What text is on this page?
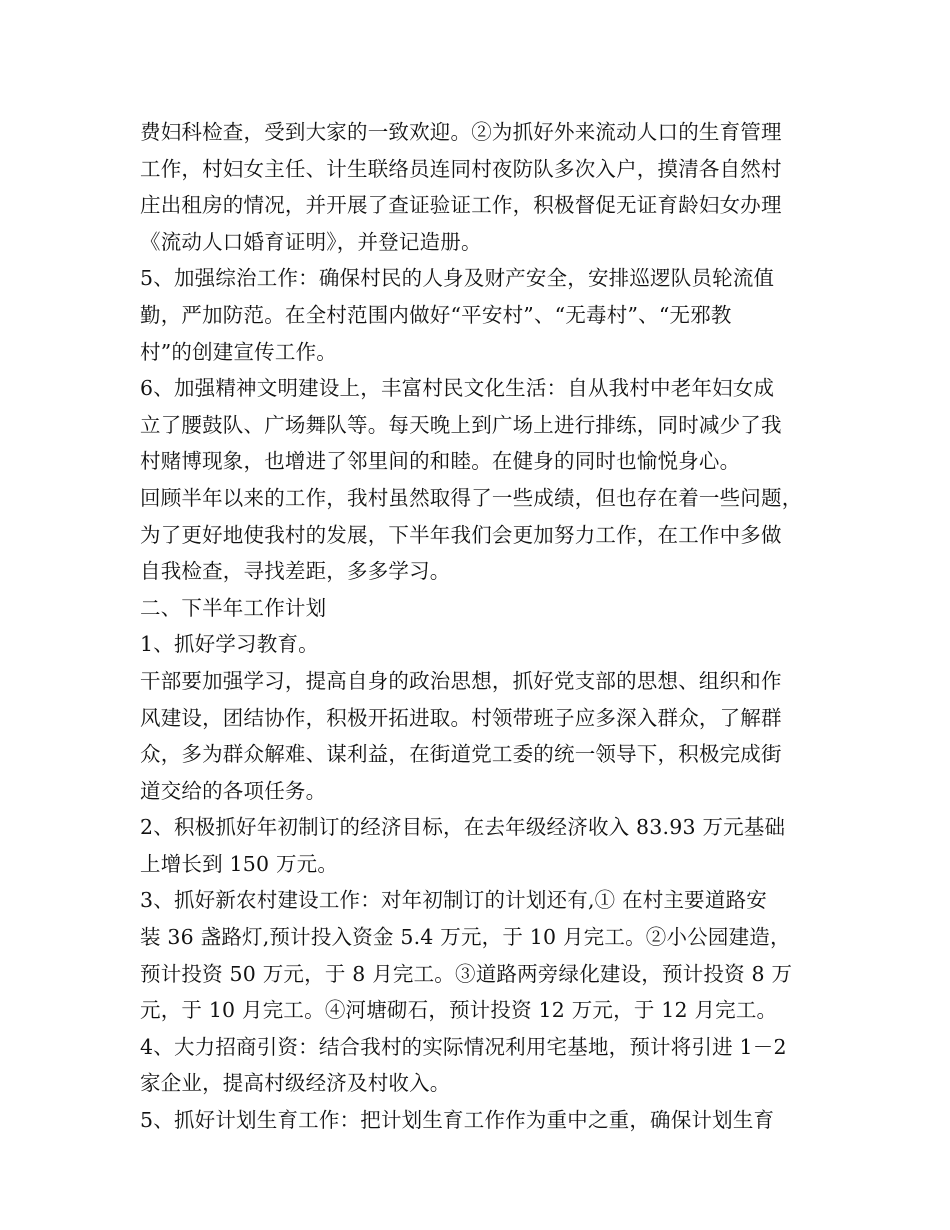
费妇科检查，受到大家的一致欢迎。②为抓好外来流动人口的生育管理
工作，村妇女主任、计生联络员连同村夜防队多次入户，摸清各自然村
庄出租房的情况，并开展了查证验证工作，积极督促无证育龄妇女办理
《流动人口婚育证明》，并登记造册。
5、加强综治工作：确保村民的人身及财产安全，安排巡逻队员轮流值
勤，严加防范。在全村范围内做好“平安村”、“无毒村”、“无邪教
村”的创建宣传工作。
6、加强精神文明建设上，丰富村民文化生活：自从我村中老年妇女成
立了腰鼓队、广场舞队等。每天晚上到广场上进行排练，同时减少了我
村赌博现象，也增进了邻里间的和睦。在健身的同时也愉悦身心。
回顾半年以来的工作，我村虽然取得了一些成绩，但也存在着一些问题，
为了更好地使我村的发展，下半年我们会更加努力工作，在工作中多做
自我检查，寻找差距，多多学习。
二、下半年工作计划
1、抓好学习教育。
干部要加强学习，提高自身的政治思想，抓好党支部的思想、组织和作
风建设，团结协作，积极开拓进取。村领带班子应多深入群众，了解群
众，多为群众解难、谋利益，在街道党工委的统一领导下，积极完成街
道交给的各项任务。
2、积极抓好年初制订的经济目标，在去年级经济收入 83.93 万元基础
上增长到 150 万元。
3、抓好新农村建设工作：对年初制订的计划还有,① 在村主要道路安
装 36 盏路灯,预计投入资金 5.4 万元，于 10 月完工。②小公园建造，
预计投资 50 万元，于 8 月完工。③道路两旁绿化建设，预计投资 8 万
元，于 10 月完工。④河塘砌石，预计投资 12 万元，于 12 月完工。
4、大力招商引资：结合我村的实际情况利用宅基地，预计将引进 1－2
家企业，提高村级经济及村收入。
5、抓好计划生育工作：把计划生育工作作为重中之重，确保计划生育
